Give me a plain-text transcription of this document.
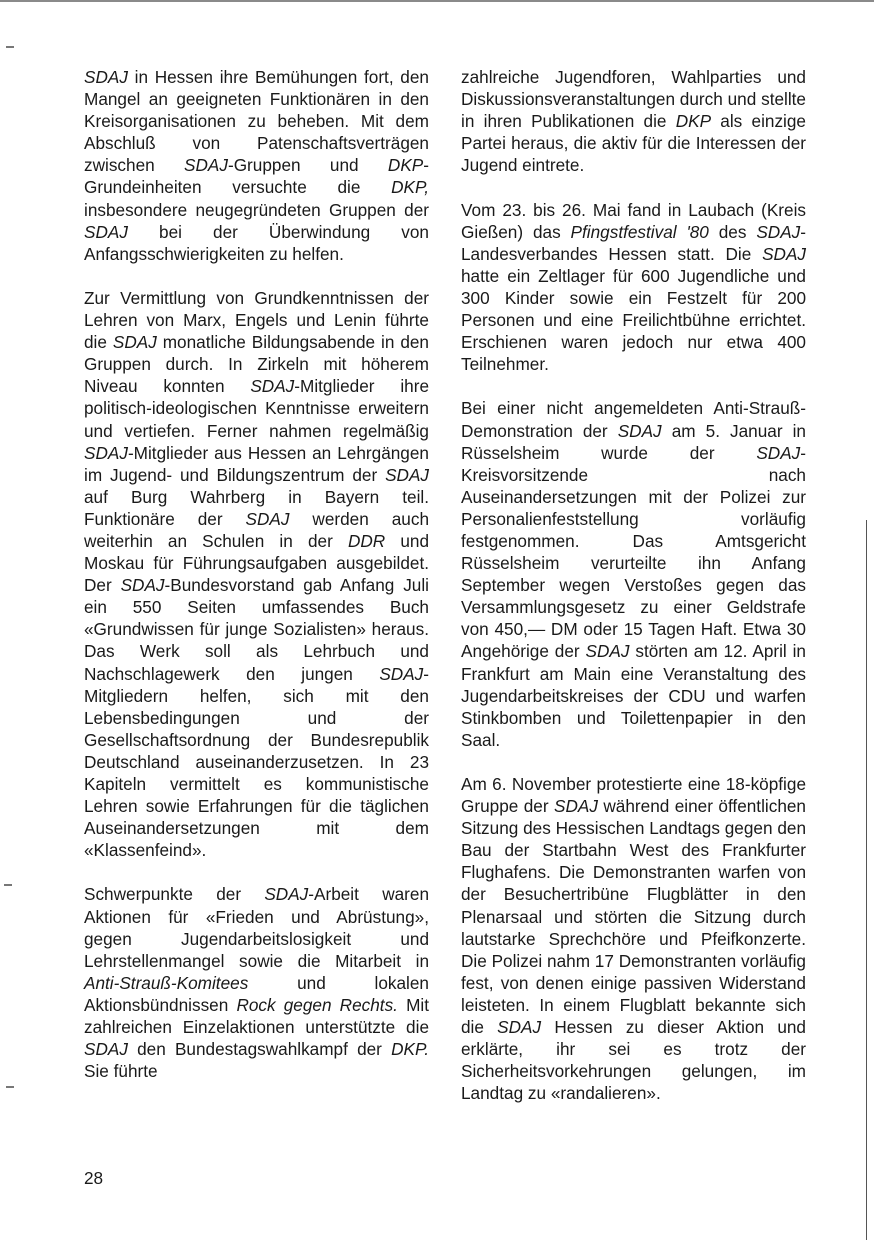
SDAJ in Hessen ihre Bemühungen fort, den Mangel an geeigneten Funktionären in den Kreisorganisationen zu beheben. Mit dem Abschluß von Patenschaftsverträgen zwischen SDAJ-Gruppen und DKP-Grundeinheiten versuchte die DKP, insbesondere neugegründeten Gruppen der SDAJ bei der Überwindung von Anfangsschwierigkeiten zu helfen.

Zur Vermittlung von Grundkenntnissen der Lehren von Marx, Engels und Lenin führte die SDAJ monatliche Bildungsabende in den Gruppen durch. In Zirkeln mit höherem Niveau konnten SDAJ-Mitglieder ihre politisch-ideologischen Kenntnisse erweitern und vertiefen. Ferner nahmen regelmäßig SDAJ-Mitglieder aus Hessen an Lehrgängen im Jugend- und Bildungszentrum der SDAJ auf Burg Wahrberg in Bayern teil. Funktionäre der SDAJ werden auch weiterhin an Schulen in der DDR und Moskau für Führungsaufgaben ausgebildet. Der SDAJ-Bundesvorstand gab Anfang Juli ein 550 Seiten umfassendes Buch «Grundwissen für junge Sozialisten» heraus. Das Werk soll als Lehrbuch und Nachschlagewerk den jungen SDAJ-Mitgliedern helfen, sich mit den Lebensbedingungen und der Gesellschaftsordnung der Bundesrepublik Deutschland auseinanderzusetzen. In 23 Kapiteln vermittelt es kommunistische Lehren sowie Erfahrungen für die täglichen Auseinandersetzungen mit dem «Klassenfeind».

Schwerpunkte der SDAJ-Arbeit waren Aktionen für «Frieden und Abrüstung», gegen Jugendarbeitslosigkeit und Lehrstellenmangel sowie die Mitarbeit in Anti-Strauß-Komitees und lokalen Aktionsbündnissen Rock gegen Rechts. Mit zahlreichen Einzelaktionen unterstützte die SDAJ den Bundestagswahlkampf der DKP. Sie führte

zahlreiche Jugendforen, Wahlparties und Diskussionsveranstaltungen durch und stellte in ihren Publikationen die DKP als einzige Partei heraus, die aktiv für die Interessen der Jugend eintrete.

Vom 23. bis 26. Mai fand in Laubach (Kreis Gießen) das Pfingstfestival '80 des SDAJ-Landesverbandes Hessen statt. Die SDAJ hatte ein Zeltlager für 600 Jugendliche und 300 Kinder sowie ein Festzelt für 200 Personen und eine Freilichtbühne errichtet. Erschienen waren jedoch nur etwa 400 Teilnehmer.

Bei einer nicht angemeldeten Anti-Strauß-Demonstration der SDAJ am 5. Januar in Rüsselsheim wurde der SDAJ-Kreisvorsitzende nach Auseinandersetzungen mit der Polizei zur Personalienfeststellung vorläufig festgenommen. Das Amtsgericht Rüsselsheim verurteilte ihn Anfang September wegen Verstoßes gegen das Versammlungsgesetz zu einer Geldstrafe von 450,— DM oder 15 Tagen Haft. Etwa 30 Angehörige der SDAJ störten am 12. April in Frankfurt am Main eine Veranstaltung des Jugendarbeitskreises der CDU und warfen Stinkbomben und Toilettenpapier in den Saal.

Am 6. November protestierte eine 18-köpfige Gruppe der SDAJ während einer öffentlichen Sitzung des Hessischen Landtags gegen den Bau der Startbahn West des Frankfurter Flughafens. Die Demonstranten warfen von der Besuchertribüne Flugblätter in den Plenarsaal und störten die Sitzung durch lautstarke Sprechchöre und Pfeifkonzerte. Die Polizei nahm 17 Demonstranten vorläufig fest, von denen einige passiven Widerstand leisteten. In einem Flugblatt bekannte sich die SDAJ Hessen zu dieser Aktion und erklärte, ihr sei es trotz der Sicherheitsvorkehrungen gelungen, im Landtag zu «randalieren».

28
